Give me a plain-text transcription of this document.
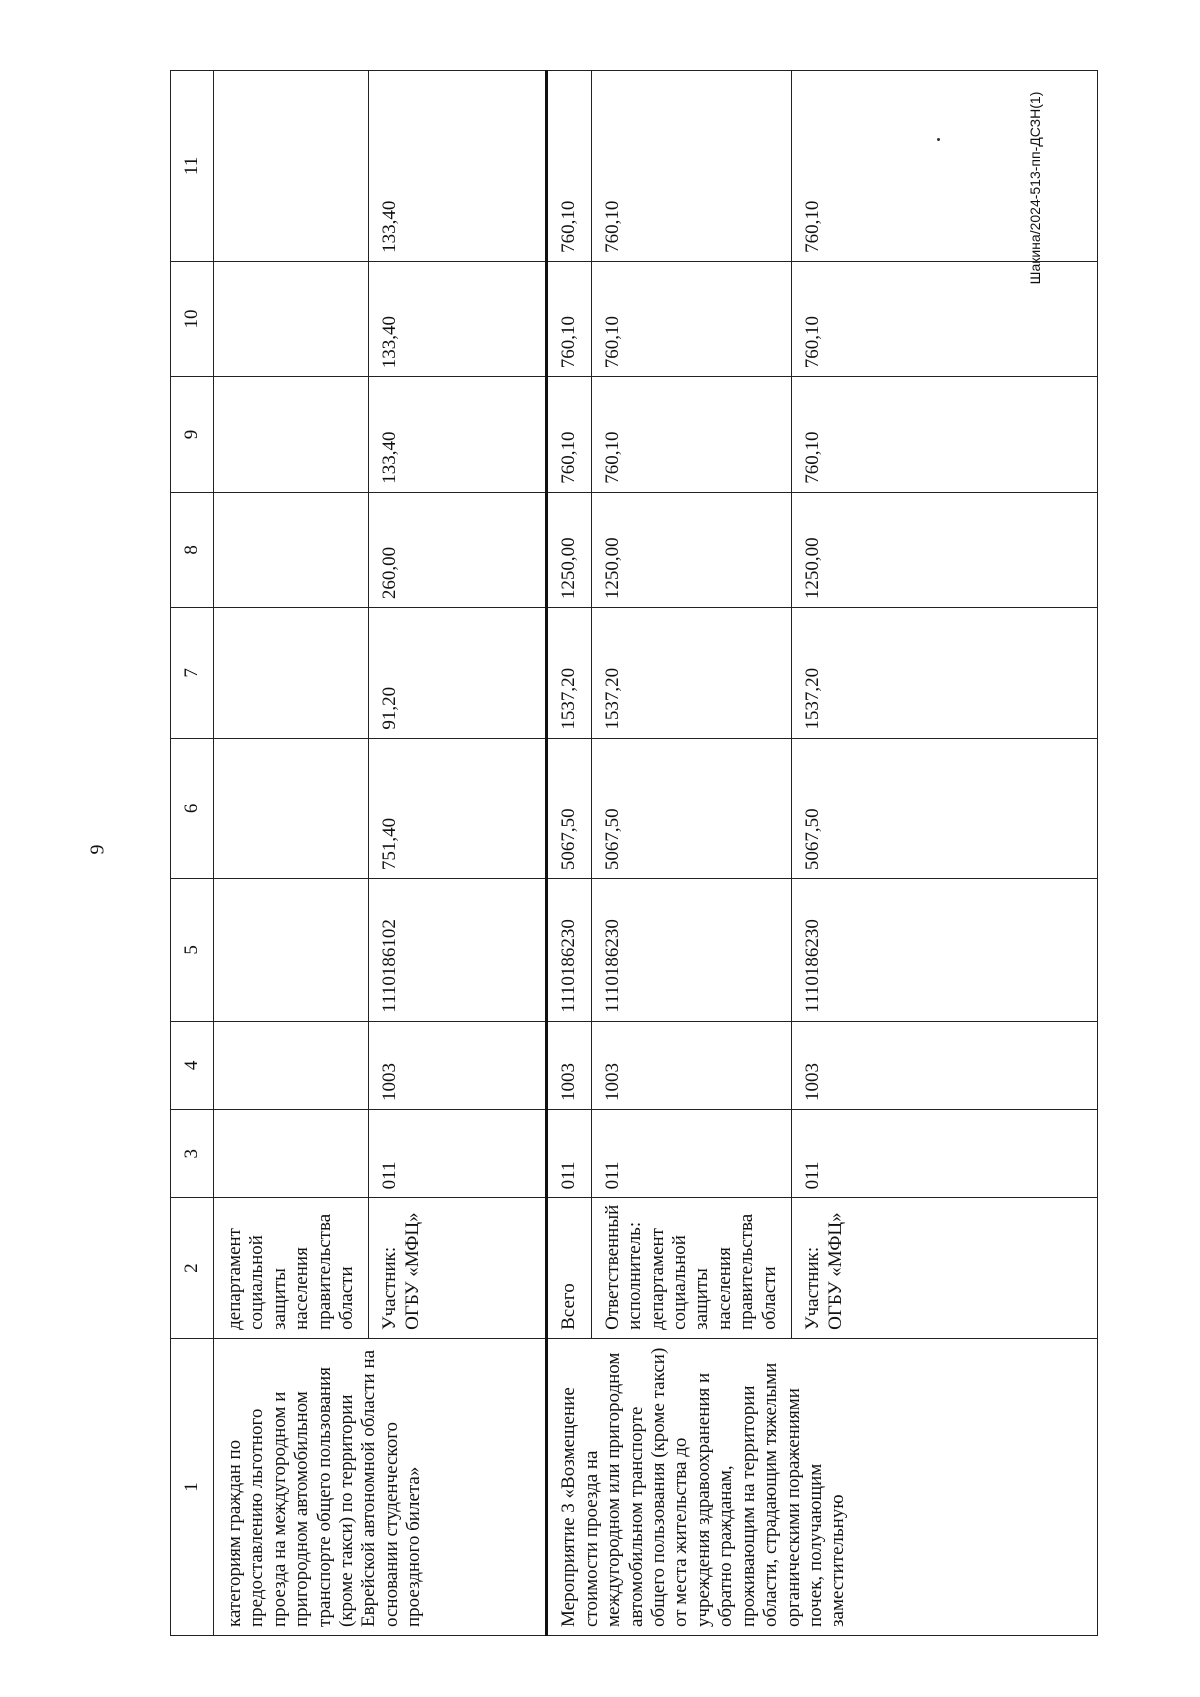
9
Шакина/2024-513-пп-ДСЗН(1)
1	2	3	4	5	6	7	8	9	10	11
категориям граждан по предоставлению льготного проезда на междугородном и пригородном автомобильном транспорте общего пользования (кроме такси) по территории Еврейской автономной области на основании студенческого проездного билета»	департамент социальной защиты населения правительства области									
	Участник: ОГБУ «МФЦ»	011	1003	1110186102	751,40	91,20	260,00	133,40	133,40	133,40
Мероприятие 3 «Возмещение стоимости проезда на междугородном или пригородном автомобильном транспорте общего пользования (кроме такси) от места жительства до учреждения здравоохранения и обратно гражданам, проживающим на территории области, страдающим тяжелыми органическими поражениями почек, получающим заместительную	Всего	011	1003	1110186230	5067,50	1537,20	1250,00	760,10	760,10	760,10
	Ответственный исполнитель: департамент социальной защиты населения правительства области	011	1003	1110186230	5067,50	1537,20	1250,00	760,10	760,10	760,10
	Участник: ОГБУ «МФЦ»	011	1003	1110186230	5067,50	1537,20	1250,00	760,10	760,10	760,10
